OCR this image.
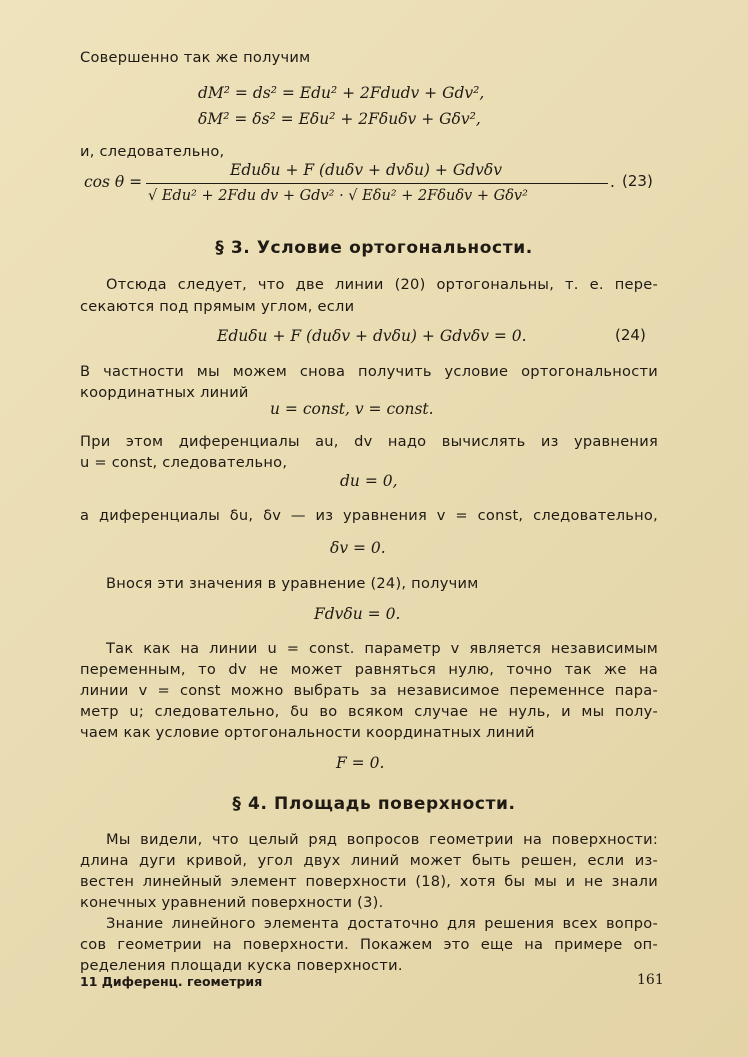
Совершенно так же получим
dM² = ds² = Edu² + 2Fdudv + Gdv²,
δM² = δs² = Eδu² + 2Fδuδv + Gδv²,
и, следовательно,
cos θ =
Eduδu + F (duδv + dvδu) + Gdvδv
√ Edu² + 2Fdu dv + Gdv² · √ Eδu² + 2Fδuδv + Gδv²
. (23)
§ 3. Условие ортогональности.
Отсюда следует, что две линии (20) ортогональны, т. е. пере-
секаются под прямым углом, если
Eduδu + F (duδv + dvδu) + Gdvδv = 0.	(24)
В частности мы можем снова получить условие ортогональности
координатных линий
u = const, v = const.
При этом диференциалы au, dv надо вычислять из уравнения
u = const, следовательно,
du = 0,
а диференциалы δu, δv — из уравнения v = const, следовательно,
δv = 0.
Внося эти значения в уравнение (24), получим
Fdvδu = 0.
Так как на линии u = const. параметр v является независимым
переменным, то dv не может равняться нулю, точно так же на
линии v = const можно выбрать за независимое переменнсе пара-
метр u; следовательно, δu во всяком случае не нуль, и мы полу-
чаем как условие ортогональности координатных линий
F = 0.
§ 4. Площадь поверхности.
Мы видели, что целый ряд вопросов геометрии на поверхности:
длина дуги кривой, угол двух линий может быть решен, если из-
вестен линейный элемент поверхности (18), хотя бы мы и не знали
конечных уравнений поверхности (3).
Знание линейного элемента достаточно для решения всех вопро-
сов геометрии на поверхности. Покажем это еще на примере оп-
ределения площади куска поверхности.
11 Диференц. геометрия	161
